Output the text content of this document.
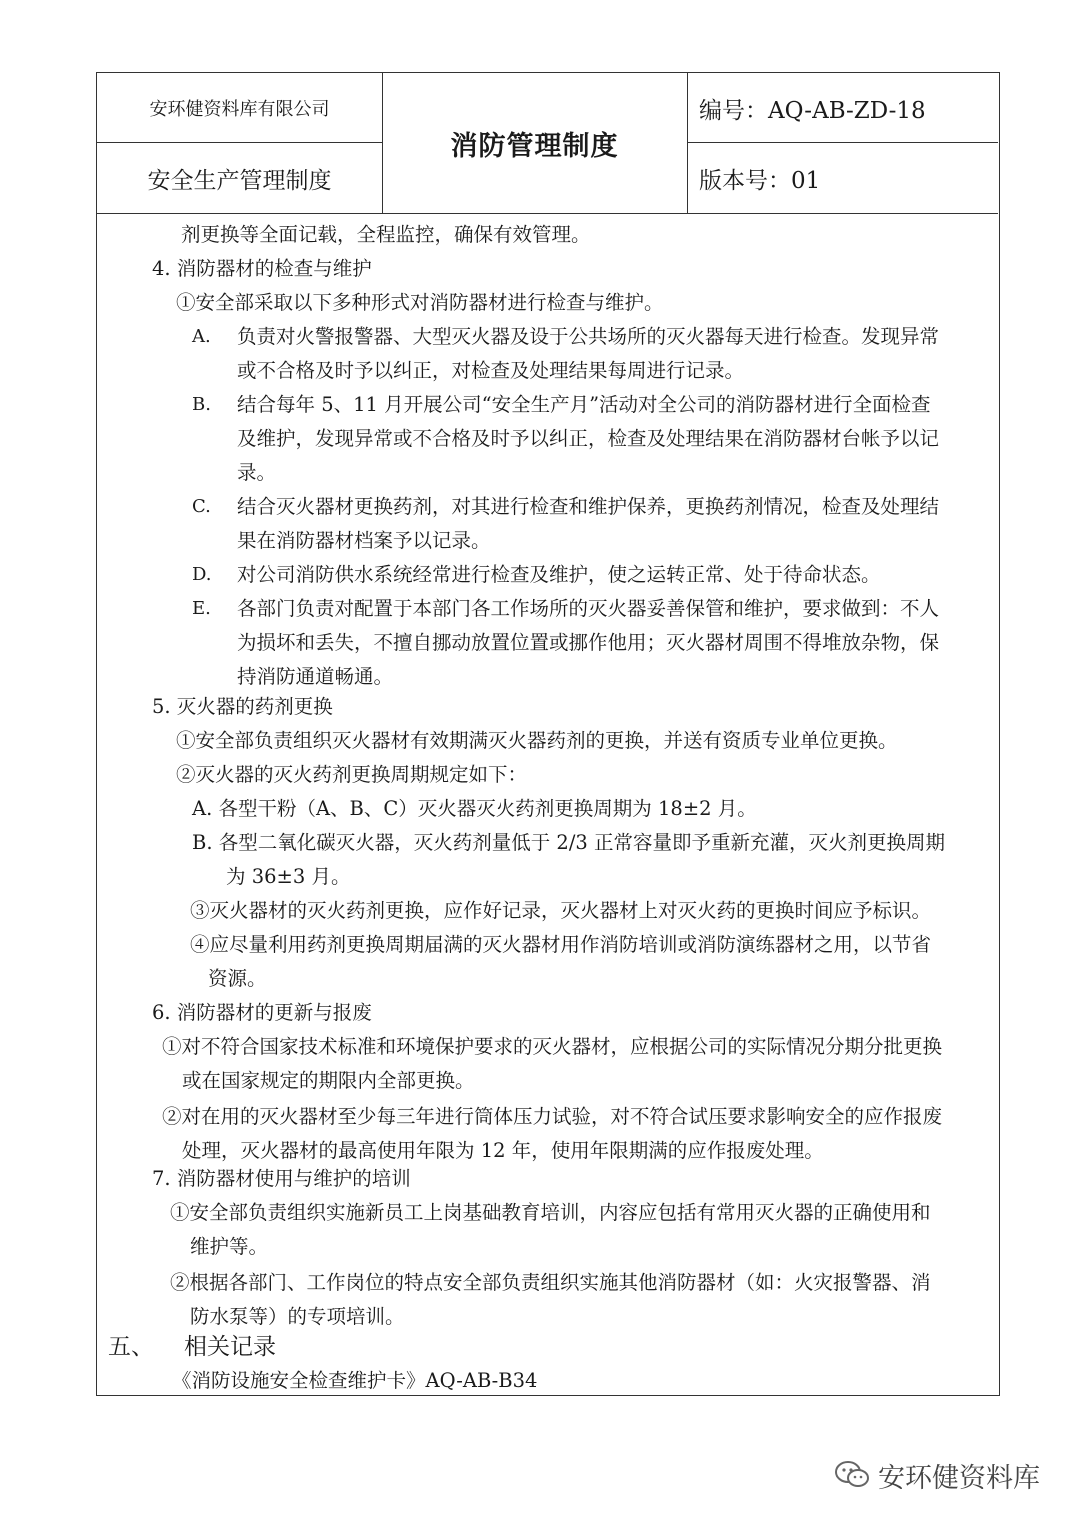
安环健资料库有限公司
安全生产管理制度
消防管理制度
编号：AQ-AB-ZD-18
版本号：01
剂更换等全面记载，全程监控，确保有效管理。
4. 消防器材的检查与维护
①安全部采取以下多种形式对消防器材进行检查与维护。
A. 负责对火警报警器、大型灭火器及设于公共场所的灭火器每天进行检查。发现异常
或不合格及时予以纠正，对检查及处理结果每周进行记录。
B. 结合每年 5、11 月开展公司“安全生产月”活动对全公司的消防器材进行全面检查
及维护，发现异常或不合格及时予以纠正，检查及处理结果在消防器材台帐予以记
录。
C. 结合灭火器材更换药剂，对其进行检查和维护保养，更换药剂情况，检查及处理结
果在消防器材档案予以记录。
D. 对公司消防供水系统经常进行检查及维护，使之运转正常、处于待命状态。
E. 各部门负责对配置于本部门各工作场所的灭火器妥善保管和维护，要求做到：不人
为损坏和丢失，不擅自挪动放置位置或挪作他用；灭火器材周围不得堆放杂物，保
持消防通道畅通。
5. 灭火器的药剂更换
①安全部负责组织灭火器材有效期满灭火器药剂的更换，并送有资质专业单位更换。
②灭火器的灭火药剂更换周期规定如下：
A. 各型干粉（A、B、C）灭火器灭火药剂更换周期为 18±2 月。
B. 各型二氧化碳灭火器，灭火药剂量低于 2/3 正常容量即予重新充灌，灭火剂更换周期
为 36±3 月。
③灭火器材的灭火药剂更换，应作好记录，灭火器材上对灭火药的更换时间应予标识。
④应尽量利用药剂更换周期届满的灭火器材用作消防培训或消防演练器材之用，以节省
资源。
6. 消防器材的更新与报废
①对不符合国家技术标准和环境保护要求的灭火器材，应根据公司的实际情况分期分批更换
或在国家规定的期限内全部更换。
②对在用的灭火器材至少每三年进行筒体压力试验，对不符合试压要求影响安全的应作报废
处理，灭火器材的最高使用年限为 12 年，使用年限期满的应作报废处理。
7. 消防器材使用与维护的培训
①安全部负责组织实施新员工上岗基础教育培训，内容应包括有常用灭火器的正确使用和
维护等。
②根据各部门、工作岗位的特点安全部负责组织实施其他消防器材（如：火灾报警器、消
防水泵等）的专项培训。
五、 相关记录
《消防设施安全检查维护卡》AQ-AB-B34
安环健资料库
